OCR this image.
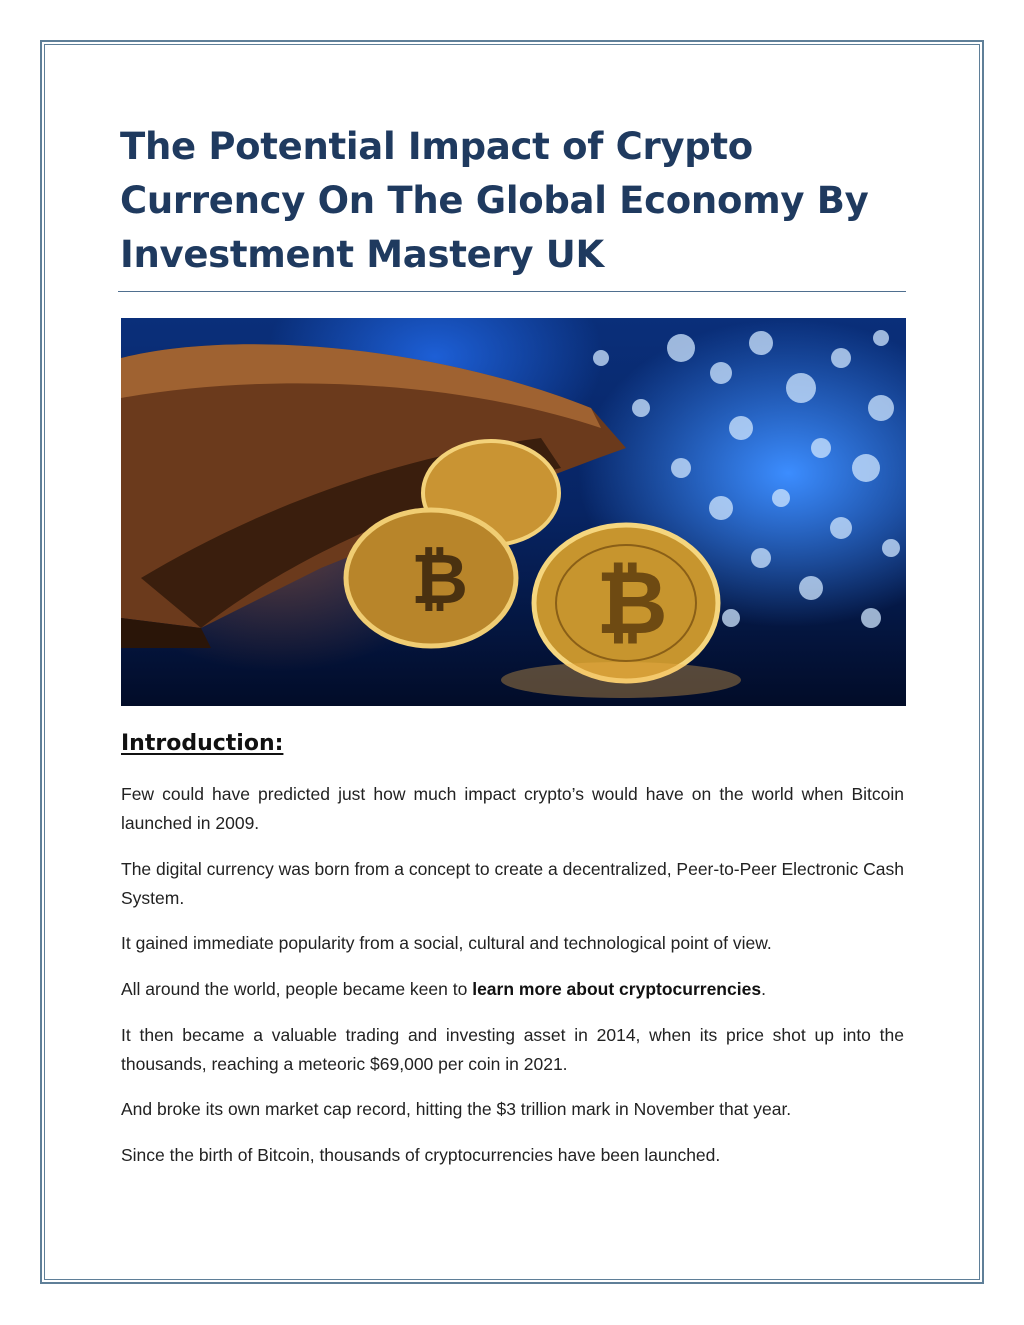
The Potential Impact of Crypto Currency On The Global Economy By Investment Mastery UK
₿ ₿
Introduction:

Few could have predicted just how much impact crypto’s would have on the world when Bitcoin launched in 2009.

The digital currency was born from a concept to create a decentralized, Peer-to-Peer Electronic Cash System.

It gained immediate popularity from a social, cultural and technological point of view.

All around the world, people became keen to learn more about cryptocurrencies.

It then became a valuable trading and investing asset in 2014, when its price shot up into the thousands, reaching a meteoric $69,000 per coin in 2021.

And broke its own market cap record, hitting the $3 trillion mark in November that year.

Since the birth of Bitcoin, thousands of cryptocurrencies have been launched.
